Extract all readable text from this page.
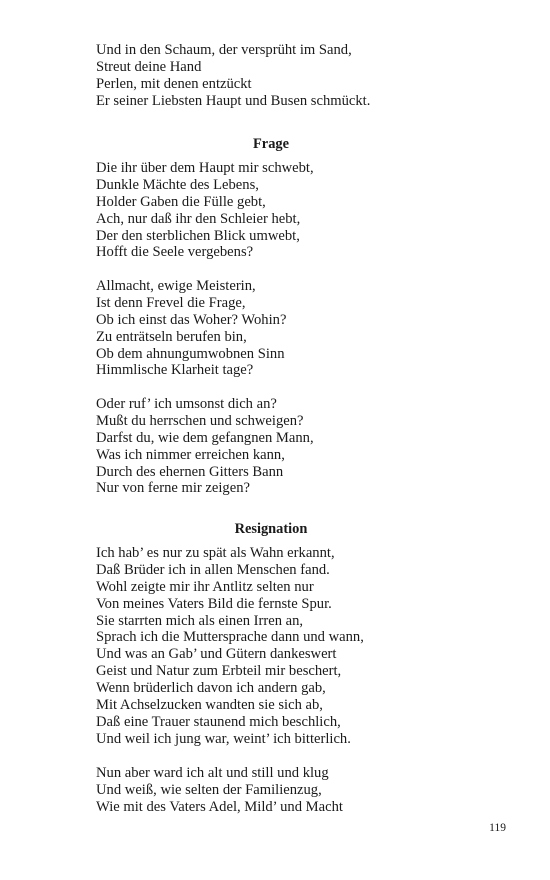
Und in den Schaum, der versprüht im Sand,
Streut deine Hand
Perlen, mit denen entzückt
Er seiner Liebsten Haupt und Busen schmückt.
Frage
Die ihr über dem Haupt mir schwebt,
Dunkle Mächte des Lebens,
Holder Gaben die Fülle gebt,
Ach, nur daß ihr den Schleier hebt,
Der den sterblichen Blick umwebt,
Hofft die Seele vergebens?
Allmacht, ewige Meisterin,
Ist denn Frevel die Frage,
Ob ich einst das Woher? Wohin?
Zu enträtseln berufen bin,
Ob dem ahnungumwobnen Sinn
Himmlische Klarheit tage?
Oder ruf’ ich umsonst dich an?
Mußt du herrschen und schweigen?
Darfst du, wie dem gefangnen Mann,
Was ich nimmer erreichen kann,
Durch des ehernen Gitters Bann
Nur von ferne mir zeigen?
Resignation
Ich hab’ es nur zu spät als Wahn erkannt,
Daß Brüder ich in allen Menschen fand.
Wohl zeigte mir ihr Antlitz selten nur
Von meines Vaters Bild die fernste Spur.
Sie starrten mich als einen Irren an,
Sprach ich die Muttersprache dann und wann,
Und was an Gab’ und Gütern dankeswert
Geist und Natur zum Erbteil mir beschert,
Wenn brüderlich davon ich andern gab,
Mit Achselzucken wandten sie sich ab,
Daß eine Trauer staunend mich beschlich,
Und weil ich jung war, weint’ ich bitterlich.
Nun aber ward ich alt und still und klug
Und weiß, wie selten der Familienzug,
Wie mit des Vaters Adel, Mild’ und Macht
119
